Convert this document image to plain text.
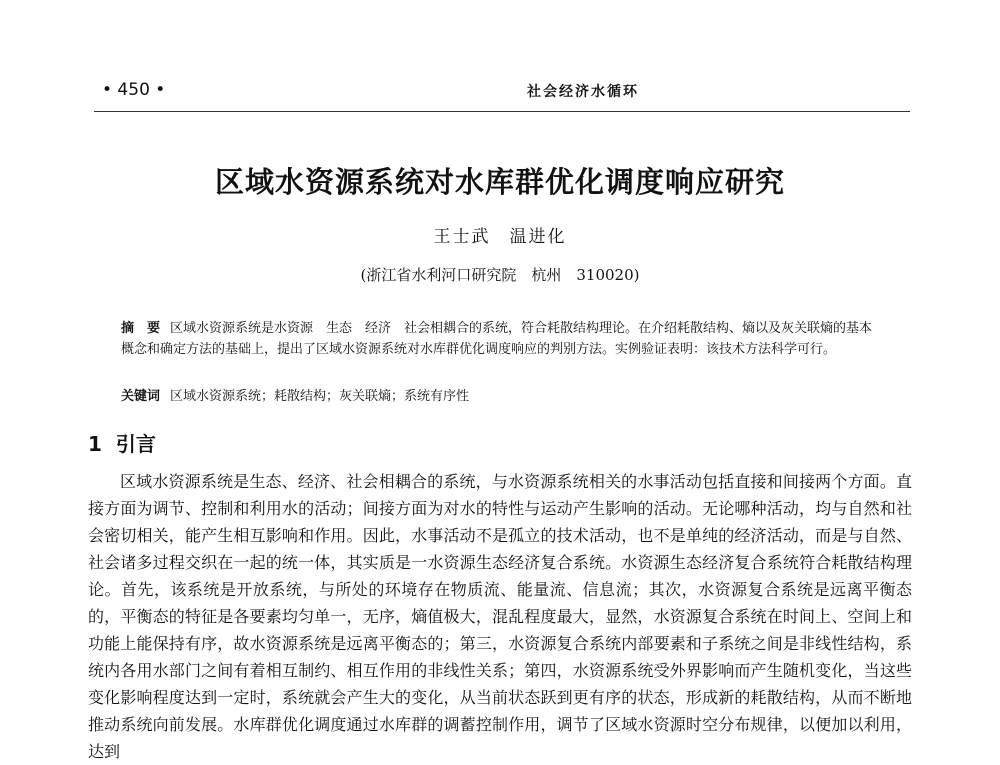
• 450 •	社会经济水循环
区域水资源系统对水库群优化调度响应研究
王士武　温进化
(浙江省水利河口研究院　杭州　310020)
摘　要 区域水资源系统是水资源　生态　经济　社会相耦合的系统，符合耗散结构理论。在介绍耗散结构、熵以及灰关联熵的基本概念和确定方法的基础上，提出了区域水资源系统对水库群优化调度响应的判别方法。实例验证表明：该技术方法科学可行。
关键词 区域水资源系统；耗散结构；灰关联熵；系统有序性
1 引言
区域水资源系统是生态、经济、社会相耦合的系统，与水资源系统相关的水事活动包括直接和间接两个方面。直接方面为调节、控制和利用水的活动；间接方面为对水的特性与运动产生影响的活动。无论哪种活动，均与自然和社会密切相关，能产生相互影响和作用。因此，水事活动不是孤立的技术活动，也不是单纯的经济活动，而是与自然、社会诸多过程交织在一起的统一体，其实质是一水资源生态经济复合系统。水资源生态经济复合系统符合耗散结构理论。首先，该系统是开放系统，与所处的环境存在物质流、能量流、信息流；其次，水资源复合系统是远离平衡态的，平衡态的特征是各要素均匀单一，无序，熵值极大，混乱程度最大，显然，水资源复合系统在时间上、空间上和功能上能保持有序，故水资源系统是远离平衡态的；第三，水资源复合系统内部要素和子系统之间是非线性结构，系统内各用水部门之间有着相互制约、相互作用的非线性关系；第四，水资源系统受外界影响而产生随机变化，当这些变化影响程度达到一定时，系统就会产生大的变化，从当前状态跃到更有序的状态，形成新的耗散结构，从而不断地推动系统向前发展。水库群优化调度通过水库群的调蓄控制作用，调节了区域水资源时空分布规律，以便加以利用，达到
